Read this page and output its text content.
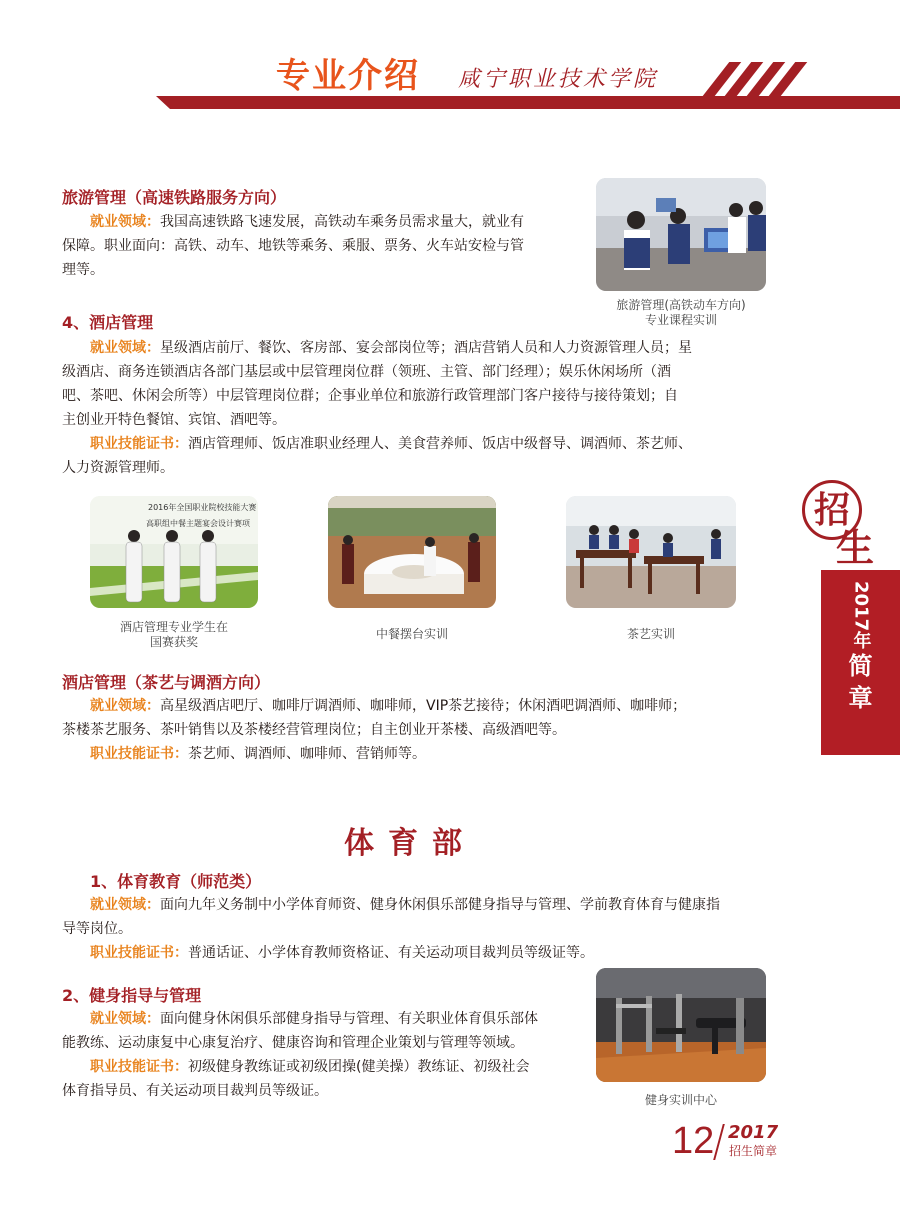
专业介绍 咸宁职业技术学院
旅游管理（高速铁路服务方向）
就业领域：我国高速铁路飞速发展，高铁动车乘务员需求量大，就业有
保障。职业面向：高铁、动车、地铁等乘务、乘服、票务、火车站安检与管
理等。
旅游管理(高铁动车方向)
专业课程实训
4、酒店管理
就业领域：星级酒店前厅、餐饮、客房部、宴会部岗位等；酒店营销人员和人力资源管理人员；星
级酒店、商务连锁酒店各部门基层或中层管理岗位群（领班、主管、部门经理）；娱乐休闲场所（酒
吧、茶吧、休闲会所等）中层管理岗位群；企事业单位和旅游行政管理部门客户接待与接待策划；自
主创业开特色餐馆、宾馆、酒吧等。
职业技能证书：酒店管理师、饭店准职业经理人、美食营养师、饭店中级督导、调酒师、茶艺师、
人力资源管理师。
2016年全国职业院校技能大赛
高职组中餐主题宴会设计赛项
酒店管理专业学生在
国赛获奖
中餐摆台实训	茶艺实训
酒店管理（茶艺与调酒方向）
就业领域：高星级酒店吧厅、咖啡厅调酒师、咖啡师，VIP茶艺接待；休闲酒吧调酒师、咖啡师；
茶楼茶艺服务、茶叶销售以及茶楼经营管理岗位；自主创业开茶楼、高级酒吧等。
职业技能证书：茶艺师、调酒师、咖啡师、营销师等。
招
生
2017年
简
章
体育部
1、体育教育（师范类）
就业领域：面向九年义务制中小学体育师资、健身休闲俱乐部健身指导与管理、学前教育体育与健康指
导等岗位。
职业技能证书：普通话证、小学体育教师资格证、有关运动项目裁判员等级证等。
2、健身指导与管理
就业领域：面向健身休闲俱乐部健身指导与管理、有关职业体育俱乐部体
能教练、运动康复中心康复治疗、健康咨询和管理企业策划与管理等领域。
职业技能证书：初级健身教练证或初级团操(健美操）教练证、初级社会
体育指导员、有关运动项目裁判员等级证。
健身实训中心
12 2017
招生简章
